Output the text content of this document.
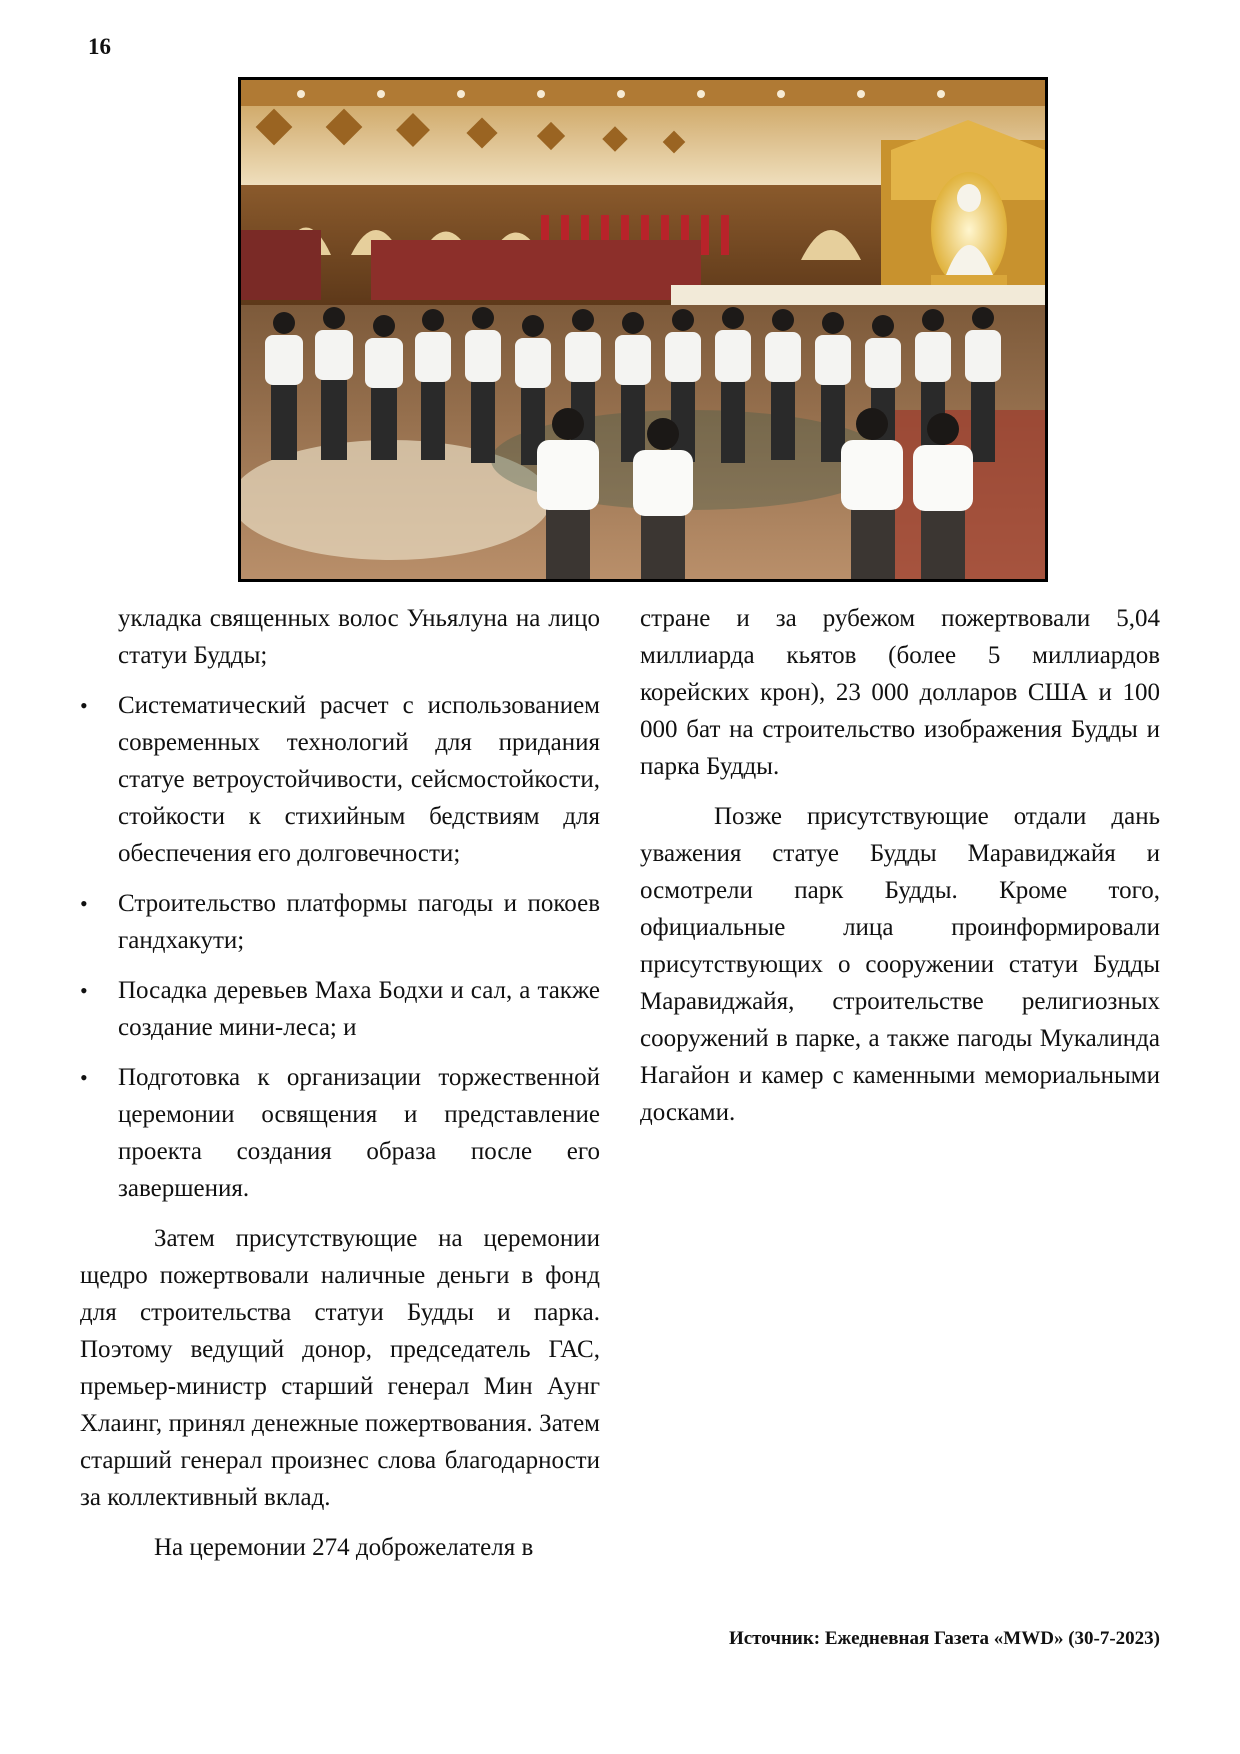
16

укладка священных волос Уньялуна на лицо статуи Будды;

• Систематический расчет с использованием современных технологий для придания статуе ветроустойчивости, сейсмостойкости, стойкости к стихийным бедствиям для обеспечения его долговечности;
• Строительство платформы пагоды и покоев гандхакути;
• Посадка деревьев Маха Бодхи и сал, а также создание мини-леса; и
• Подготовка к организации торжественной церемонии освящения и представление проекта создания образа после его завершения.

Затем присутствующие на церемонии щедро пожертвовали наличные деньги в фонд для строительства статуи Будды и парка. Поэтому ведущий донор, председатель ГАС, премьер-министр старший генерал Мин Аунг Хлаинг, принял денежные пожертвования. Затем старший генерал произнес слова благодарности за коллективный вклад.

На церемонии 274 доброжелателя в

стране и за рубежом пожертвовали 5,04 миллиарда кьятов (более 5 миллиардов корейских крон), 23 000 долларов США и 100 000 бат на строительство изображения Будды и парка Будды.

Позже присутствующие отдали дань уважения статуе Будды Маравиджайя и осмотрели парк Будды. Кроме того, официальные лица проинформировали присутствующих о сооружении статуи Будды Маравиджайя, строительстве религиозных сооружений в парке, а также пагоды Мукалинда Нагайон и камер с каменными мемориальными досками.

Источник: Ежедневная Газета «MWD» (30-7-2023)
